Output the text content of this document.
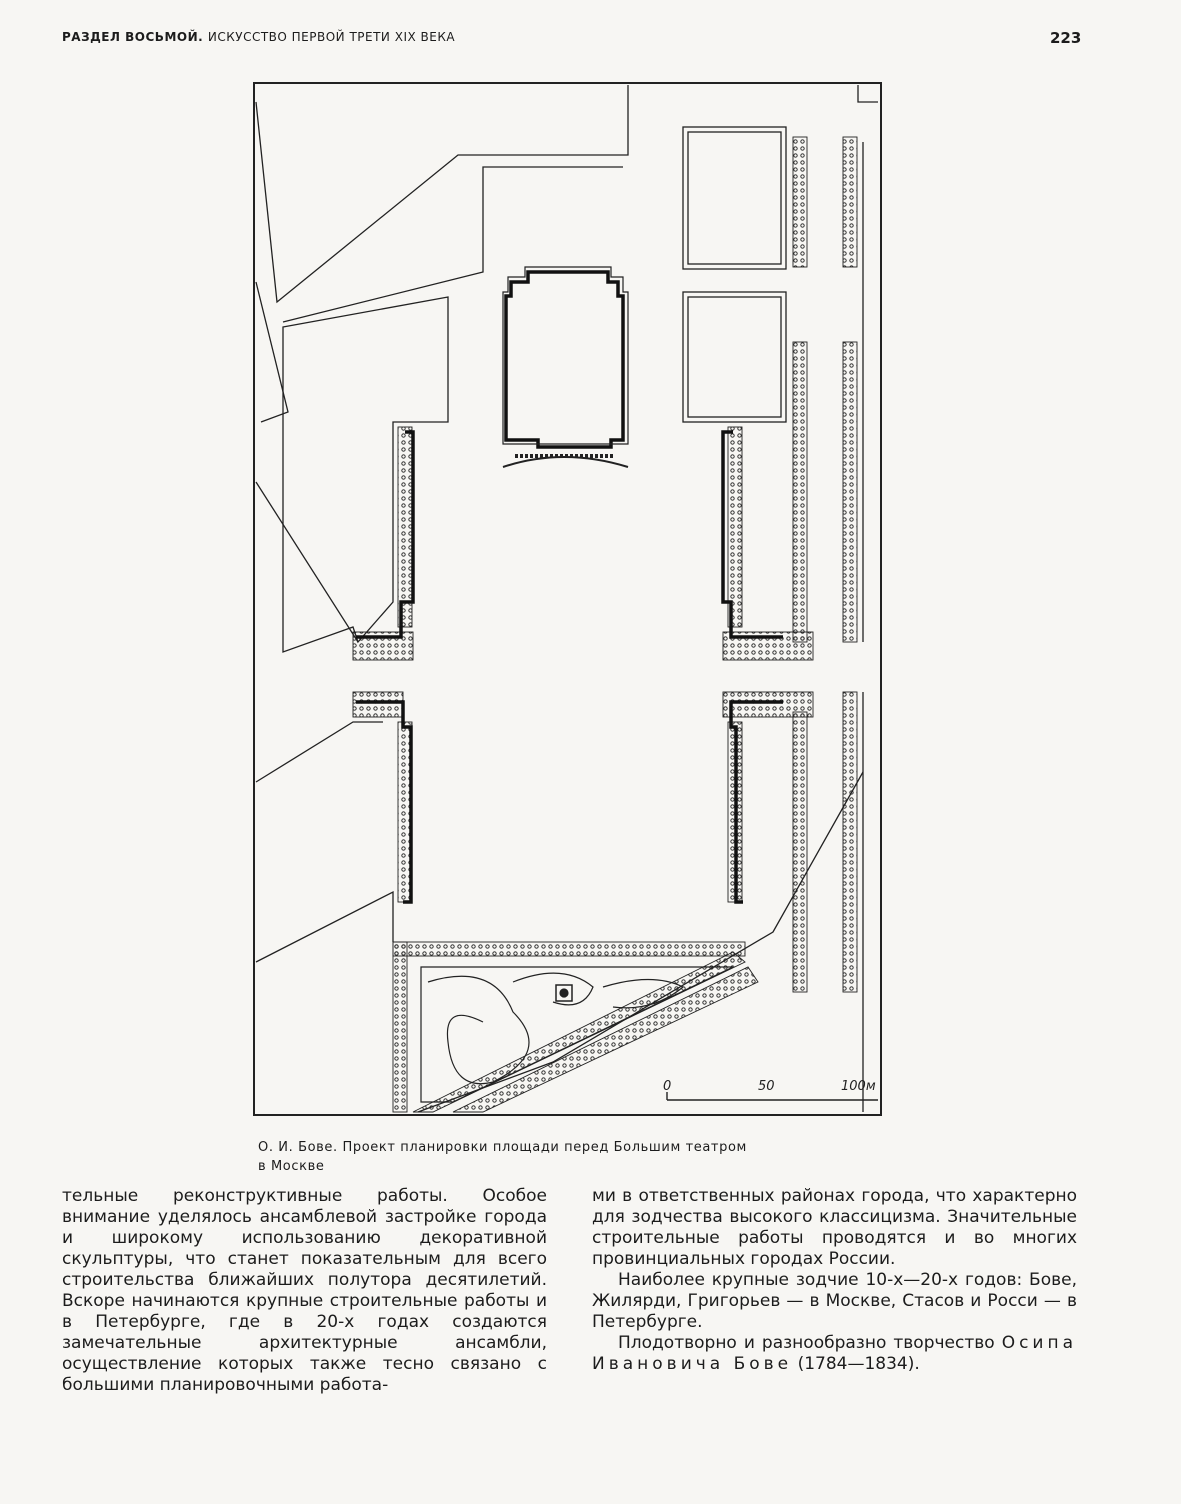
РАЗДЕЛ ВОСЬМОЙ. ИСКУССТВО ПЕРВОЙ ТРЕТИ XIX ВЕКА	223
0	50	100м
О. И. Бове. Проект планировки площади перед Большим театром
в Москве

тельные реконструктивные работы. Особое внимание уделялось ансамблевой застройке города и широкому использованию декоративной скульптуры, что станет показательным для всего строительства ближайших полутора десятилетий. Вскоре начинаются крупные строительные работы и в Петербурге, где в 20-х годах создаются замечательные архитектурные ансамбли, осуществление которых также тесно связано с большими планировочными работа-

ми в ответственных районах города, что характерно для зодчества высокого классицизма. Значительные строительные работы проводятся и во многих провинциальных городах России.

Наиболее крупные зодчие 10-х—20-х годов: Бове, Жилярди, Григорьев — в Москве, Стасов и Росси — в Петербурге.

Плодотворно и разнообразно творчество Осипа Ивановича Бове (1784—1834).
